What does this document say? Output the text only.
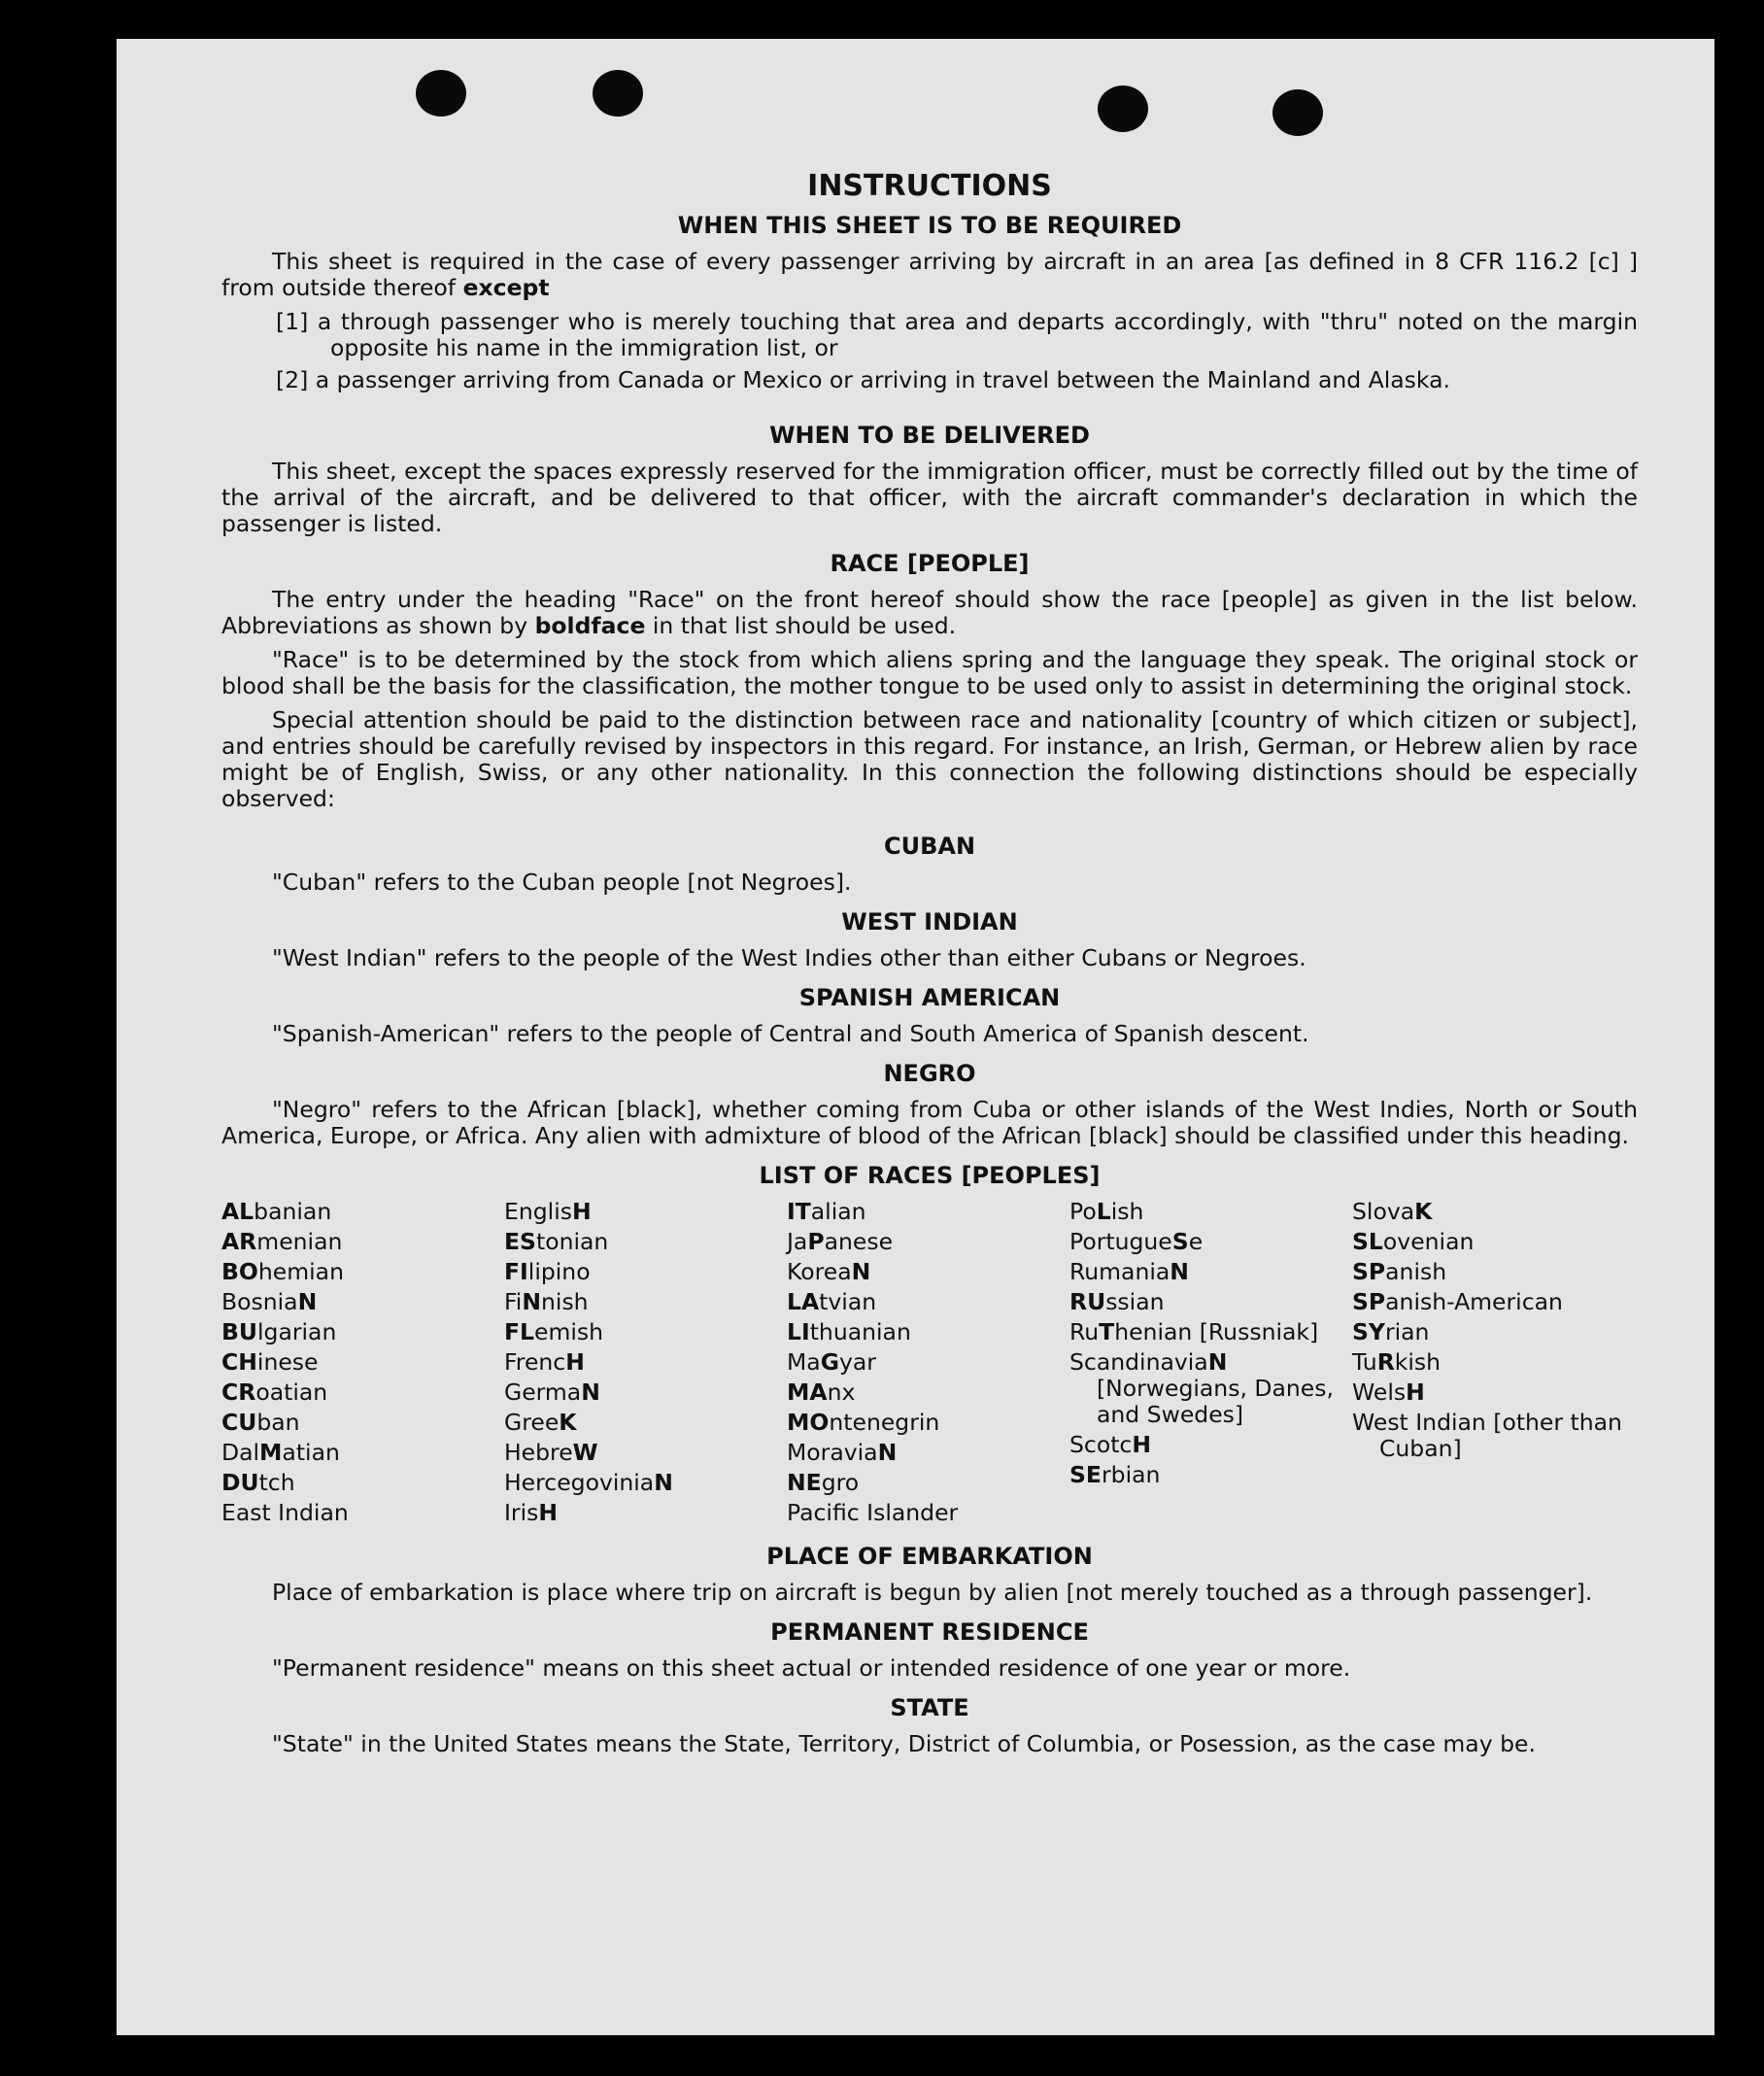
INSTRUCTIONS
WHEN THIS SHEET IS TO BE REQUIRED
This sheet is required in the case of every passenger arriving by aircraft in an area [as defined in 8 CFR 116.2 [c] ] from outside thereof except
[1] a through passenger who is merely touching that area and departs accordingly, with "thru" noted on the margin opposite his name in the immigration list, or
[2] a passenger arriving from Canada or Mexico or arriving in travel between the Mainland and Alaska.
WHEN TO BE DELIVERED
This sheet, except the spaces expressly reserved for the immigration officer, must be correctly filled out by the time of the arrival of the aircraft, and be delivered to that officer, with the aircraft commander's declaration in which the passenger is listed.
RACE [PEOPLE]
The entry under the heading "Race" on the front hereof should show the race [people] as given in the list below. Abbreviations as shown by boldface in that list should be used.
"Race" is to be determined by the stock from which aliens spring and the language they speak. The original stock or blood shall be the basis for the classification, the mother tongue to be used only to assist in determining the original stock.
Special attention should be paid to the distinction between race and nationality [country of which citizen or subject], and entries should be carefully revised by inspectors in this regard. For instance, an Irish, German, or Hebrew alien by race might be of English, Swiss, or any other nationality. In this connection the following distinctions should be especially observed:
CUBAN
"Cuban" refers to the Cuban people [not Negroes].
WEST INDIAN
"West Indian" refers to the people of the West Indies other than either Cubans or Negroes.
SPANISH AMERICAN
"Spanish-American" refers to the people of Central and South America of Spanish descent.
NEGRO
"Negro" refers to the African [black], whether coming from Cuba or other islands of the West Indies, North or South America, Europe, or Africa. Any alien with admixture of blood of the African [black] should be classified under this heading.
LIST OF RACES [PEOPLES]
ALbanian
ARmenian
BOhemian
BosniaN
BUlgarian
CHinese
CRoatian
CUban
DalMatian
DUtch
East Indian
EnglisH
EStonian
FIlipino
FiNnish
FLemish
FrencH
GermaN
GreeK
HebreW
HercegoviniaN
IrisH
ITalian
JaPanese
KoreaN
LAtvian
LIthuanian
MaGyar
MAnx
MOntenegrin
MoraviaN
NEgro
Pacific Islander
PoLish
PortugueSe
RumaniaN
RUssian
RuThenian [Russniak]
ScandinaviaN [Norwegians, Danes, and Swedes]
ScotcH
SErbian
SlovaK
SLovenian
SPanish
SPanish-American
SYrian
TuRkish
WelsH
West Indian [other than Cuban]
PLACE OF EMBARKATION
Place of embarkation is place where trip on aircraft is begun by alien [not merely touched as a through passenger].
PERMANENT RESIDENCE
"Permanent residence" means on this sheet actual or intended residence of one year or more.
STATE
"State" in the United States means the State, Territory, District of Columbia, or Posession, as the case may be.
